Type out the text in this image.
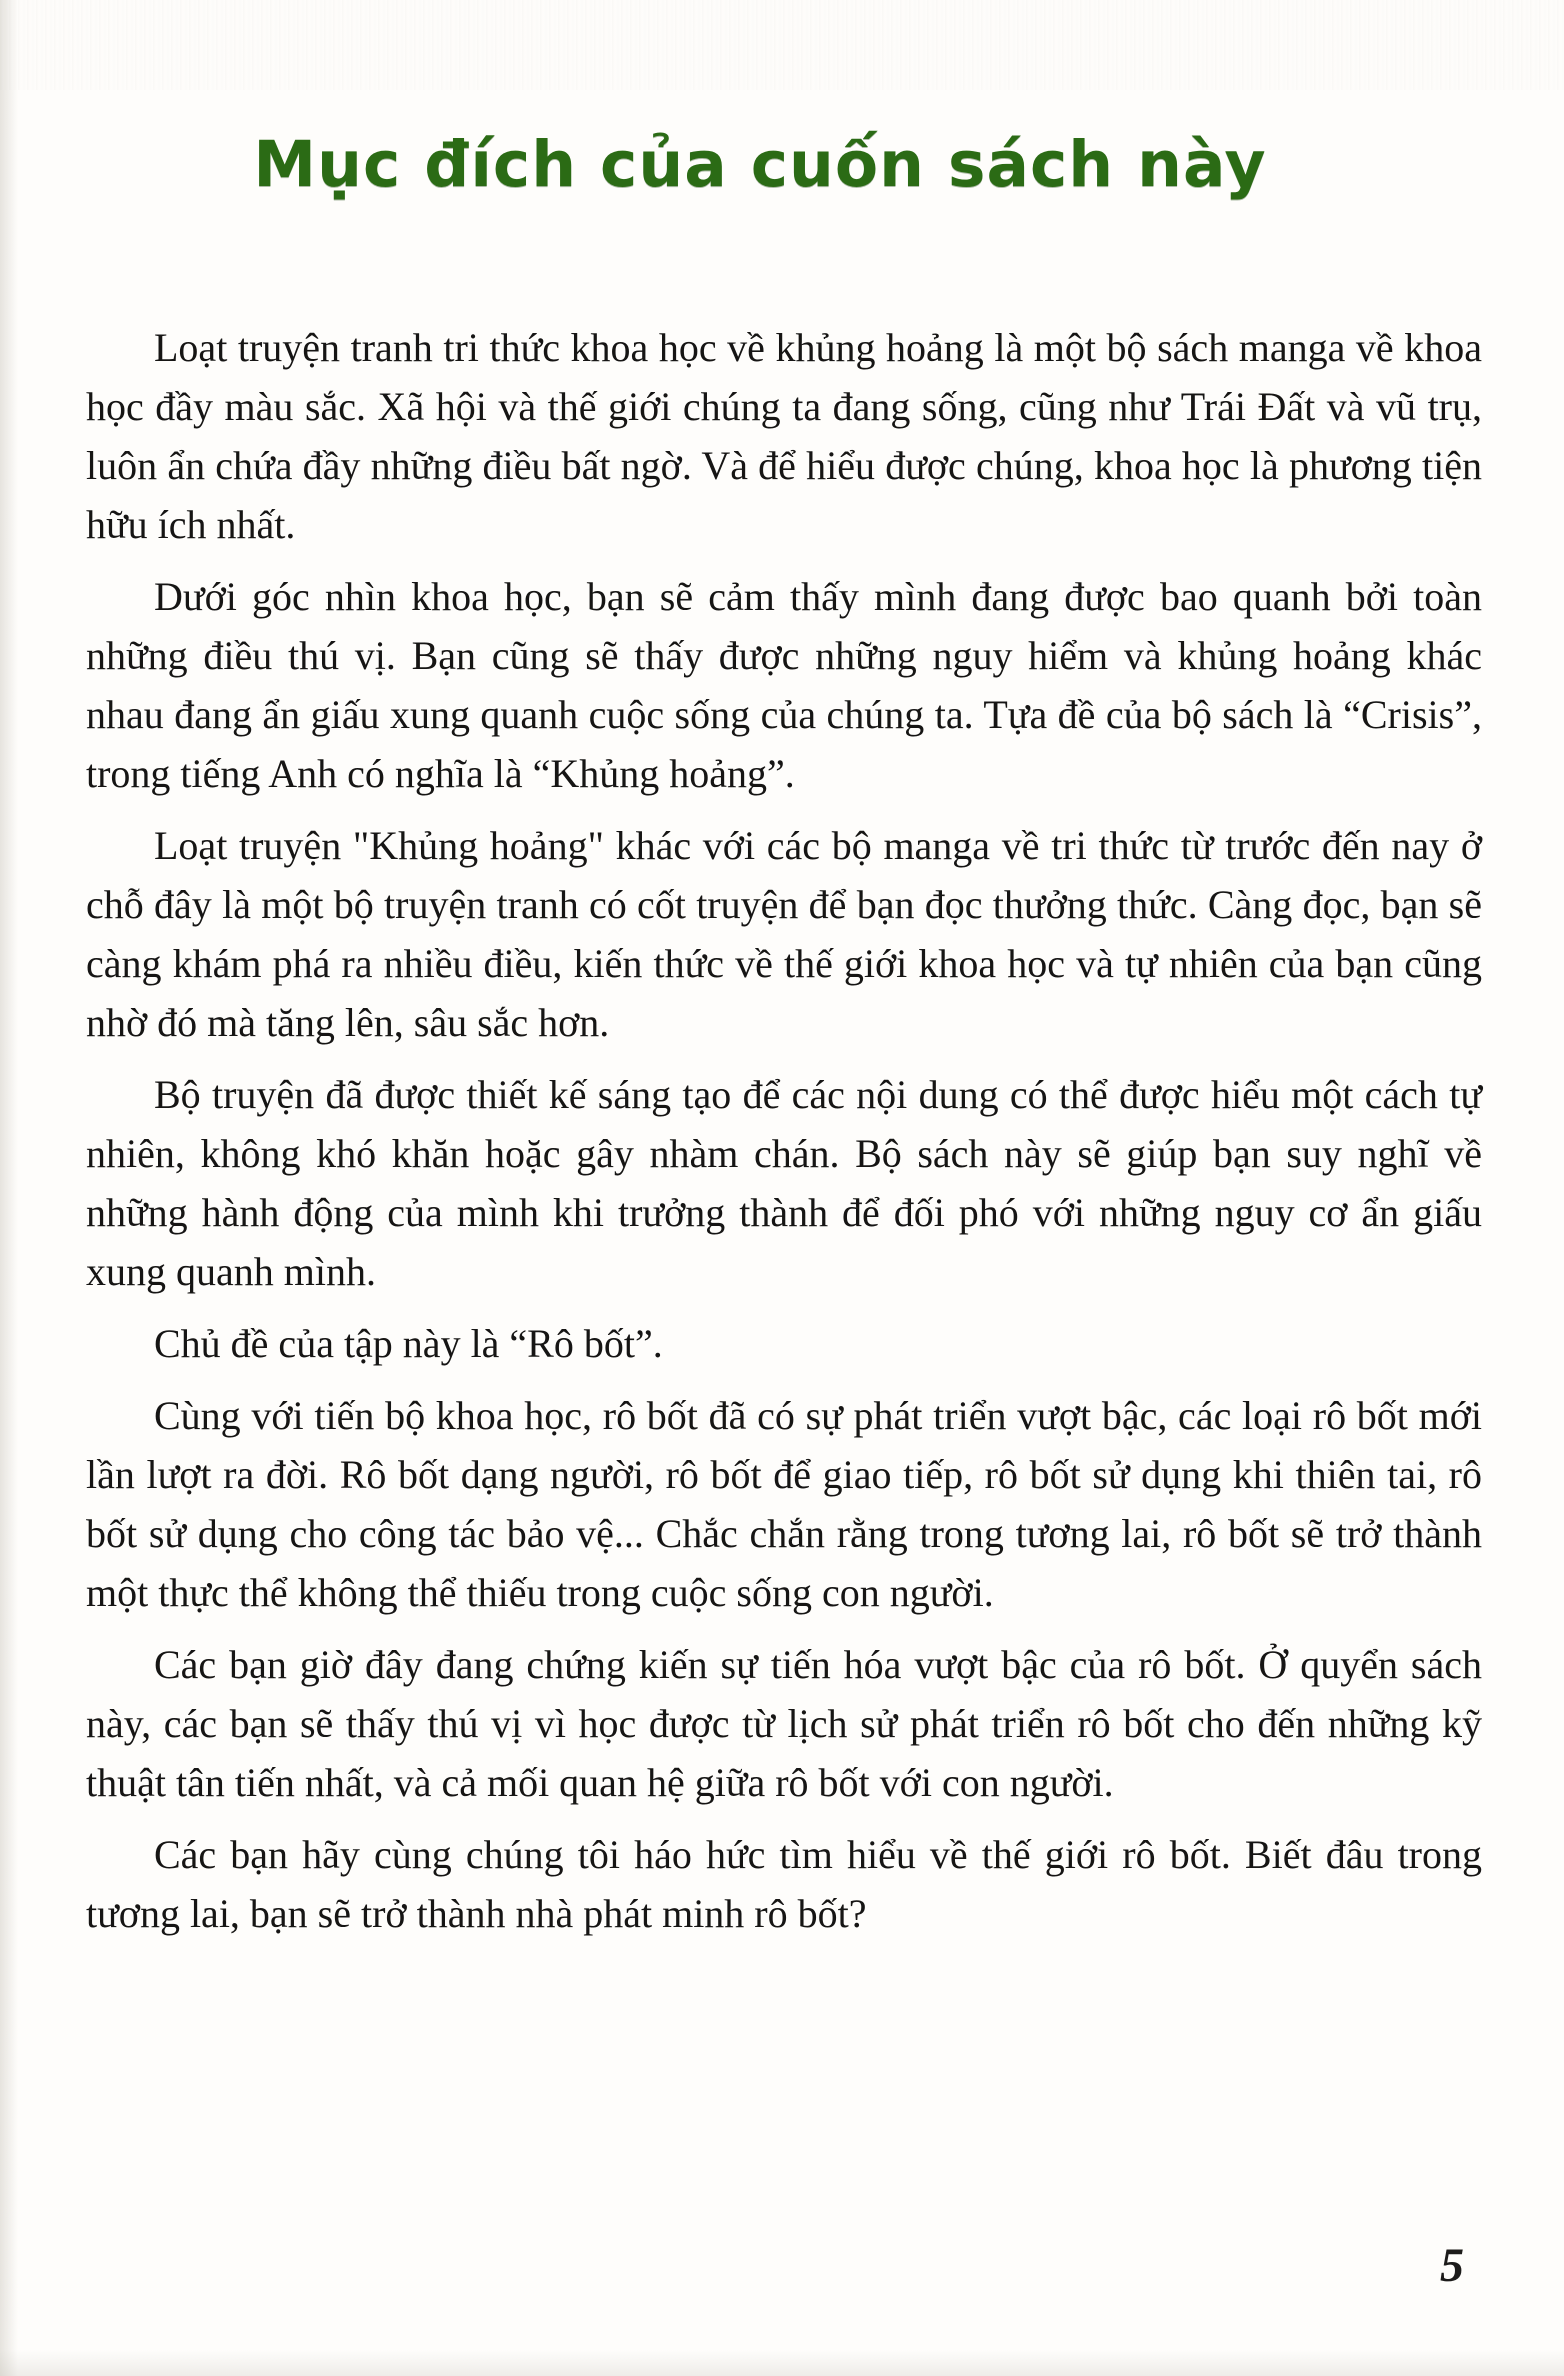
Mục đích của cuốn sách này

Loạt truyện tranh tri thức khoa học về khủng hoảng là một bộ sách manga về khoa học đầy màu sắc. Xã hội và thế giới chúng ta đang sống, cũng như Trái Đất và vũ trụ, luôn ẩn chứa đầy những điều bất ngờ. Và để hiểu được chúng, khoa học là phương tiện hữu ích nhất.

Dưới góc nhìn khoa học, bạn sẽ cảm thấy mình đang được bao quanh bởi toàn những điều thú vị. Bạn cũng sẽ thấy được những nguy hiểm và khủng hoảng khác nhau đang ẩn giấu xung quanh cuộc sống của chúng ta. Tựa đề của bộ sách là “Crisis”, trong tiếng Anh có nghĩa là “Khủng hoảng”.

Loạt truyện "Khủng hoảng" khác với các bộ manga về tri thức từ trước đến nay ở chỗ đây là một bộ truyện tranh có cốt truyện để bạn đọc thưởng thức. Càng đọc, bạn sẽ càng khám phá ra nhiều điều, kiến thức về thế giới khoa học và tự nhiên của bạn cũng nhờ đó mà tăng lên, sâu sắc hơn.

Bộ truyện đã được thiết kế sáng tạo để các nội dung có thể được hiểu một cách tự nhiên, không khó khăn hoặc gây nhàm chán. Bộ sách này sẽ giúp bạn suy nghĩ về những hành động của mình khi trưởng thành để đối phó với những nguy cơ ẩn giấu xung quanh mình.

Chủ đề của tập này là “Rô bốt”.

Cùng với tiến bộ khoa học, rô bốt đã có sự phát triển vượt bậc, các loại rô bốt mới lần lượt ra đời. Rô bốt dạng người, rô bốt để giao tiếp, rô bốt sử dụng khi thiên tai, rô bốt sử dụng cho công tác bảo vệ... Chắc chắn rằng trong tương lai, rô bốt sẽ trở thành một thực thể không thể thiếu trong cuộc sống con người.

Các bạn giờ đây đang chứng kiến sự tiến hóa vượt bậc của rô bốt. Ở quyển sách này, các bạn sẽ thấy thú vị vì học được từ lịch sử phát triển rô bốt cho đến những kỹ thuật tân tiến nhất, và cả mối quan hệ giữa rô bốt với con người.

Các bạn hãy cùng chúng tôi háo hức tìm hiểu về thế giới rô bốt. Biết đâu trong tương lai, bạn sẽ trở thành nhà phát minh rô bốt?

5
